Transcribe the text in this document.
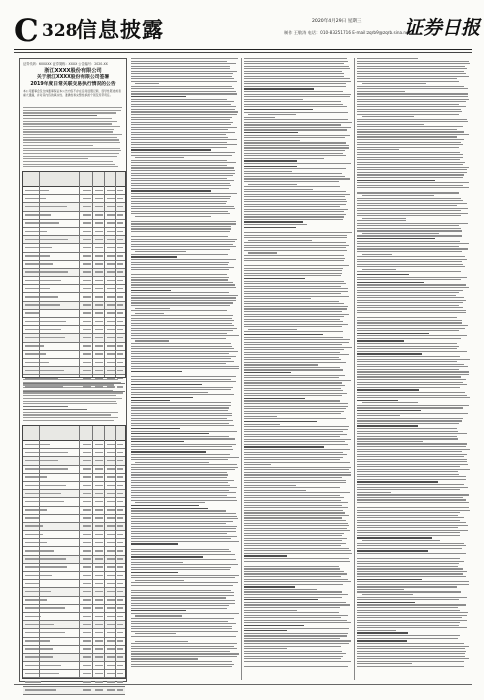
C 328
信息披露	2020年4月29日 星期三
制作 王敬涛 电话：010-83251716 E-mail:zqrb9@zqrb.sina.net
证券日报
证券代码：600XXX 证券简称：XXXX 公告编号：2020-XX
浙江XXXX股份有限公司
关于浙江XXXX股份有限公司签署
2019年度日常关联交易执行情况的公告
本公司董事会及全体董事保证本公告内容不存在任何虚假记载、误导性陈述或者重大遗漏，并对其内容的真实性、准确性和完整性承担个别及连带责任。
